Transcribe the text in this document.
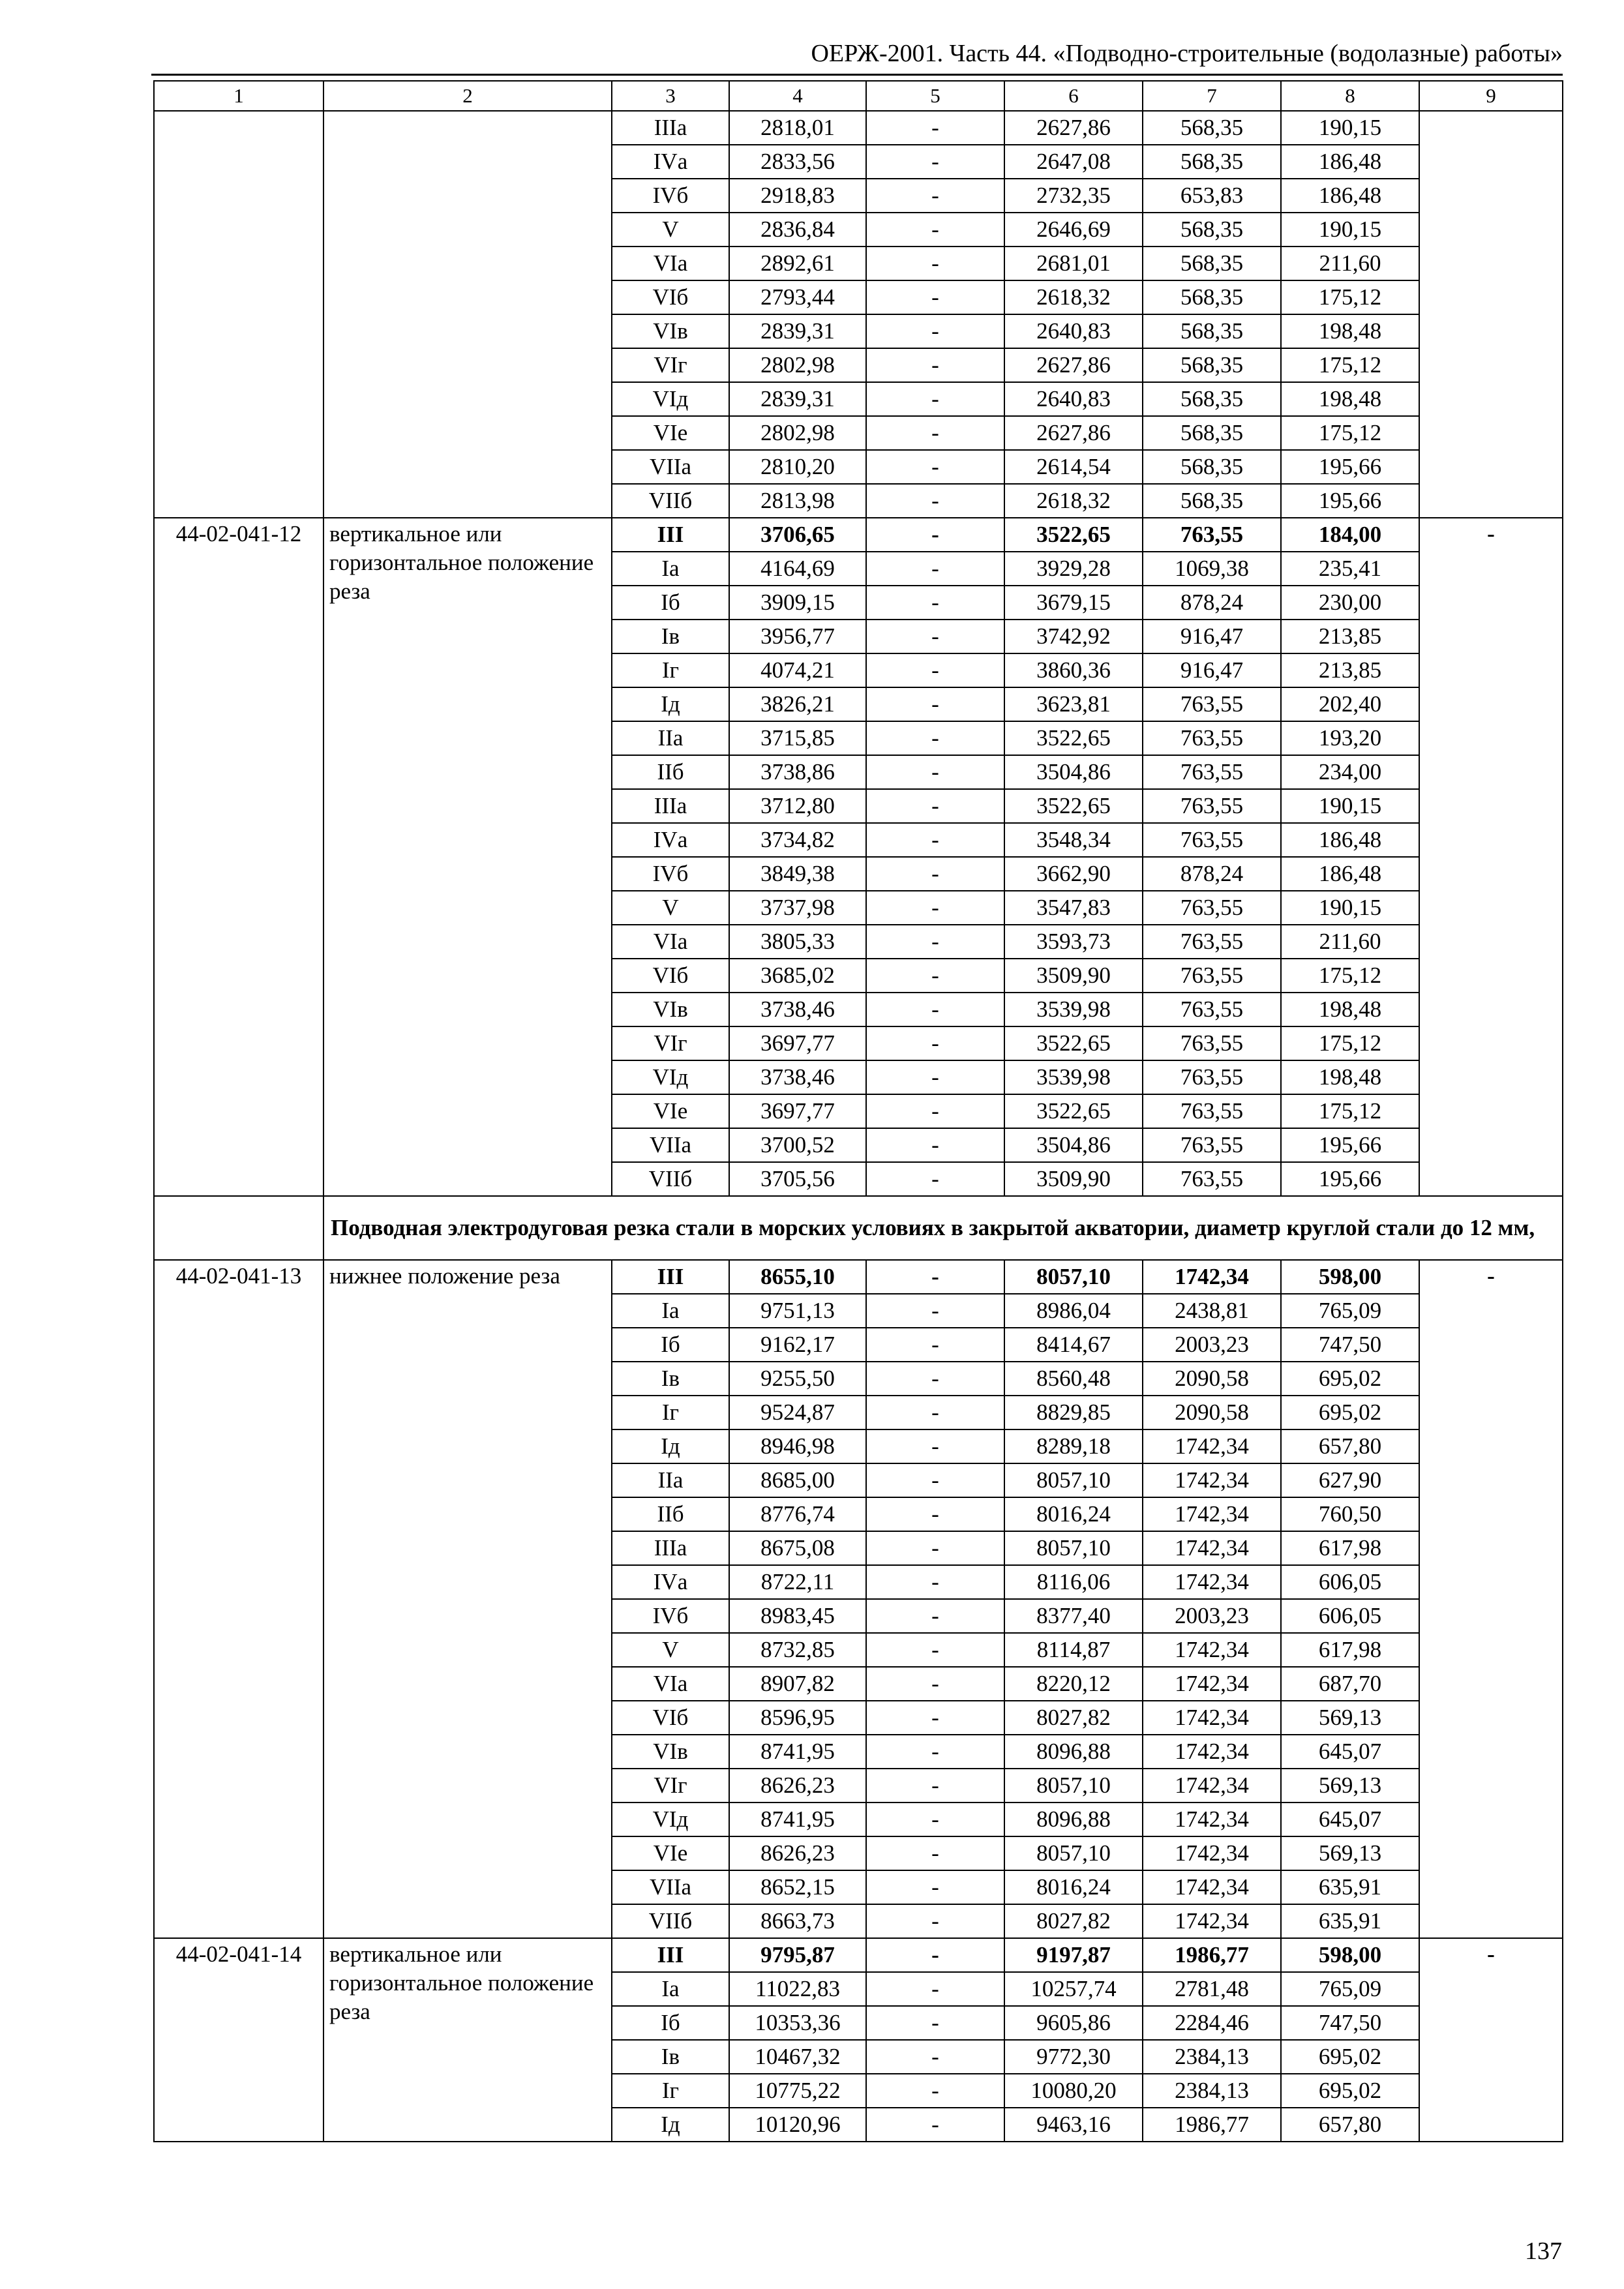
ОЕРЖ-2001. Часть 44. «Подводно-строительные (водолазные) работы»
1	2	3	4	5	6	7	8	9
		IIIа	2818,01	-	2627,86	568,35	190,15	
		IVа	2833,56	-	2647,08	568,35	186,48	
		IVб	2918,83	-	2732,35	653,83	186,48	
		V	2836,84	-	2646,69	568,35	190,15	
		VIа	2892,61	-	2681,01	568,35	211,60	
		VIб	2793,44	-	2618,32	568,35	175,12	
		VIв	2839,31	-	2640,83	568,35	198,48	
		VIг	2802,98	-	2627,86	568,35	175,12	
		VIд	2839,31	-	2640,83	568,35	198,48	
		VIе	2802,98	-	2627,86	568,35	175,12	
		VIIа	2810,20	-	2614,54	568,35	195,66	
		VIIб	2813,98	-	2618,32	568,35	195,66	
44-02-041-12	вертикальное или горизонтальное положение реза	III	3706,65	-	3522,65	763,55	184,00	-
		Iа	4164,69	-	3929,28	1069,38	235,41	
		Iб	3909,15	-	3679,15	878,24	230,00	
		Iв	3956,77	-	3742,92	916,47	213,85	
		Iг	4074,21	-	3860,36	916,47	213,85	
		Iд	3826,21	-	3623,81	763,55	202,40	
		IIа	3715,85	-	3522,65	763,55	193,20	
		IIб	3738,86	-	3504,86	763,55	234,00	
		IIIа	3712,80	-	3522,65	763,55	190,15	
		IVа	3734,82	-	3548,34	763,55	186,48	
		IVб	3849,38	-	3662,90	878,24	186,48	
		V	3737,98	-	3547,83	763,55	190,15	
		VIа	3805,33	-	3593,73	763,55	211,60	
		VIб	3685,02	-	3509,90	763,55	175,12	
		VIв	3738,46	-	3539,98	763,55	198,48	
		VIг	3697,77	-	3522,65	763,55	175,12	
		VIд	3738,46	-	3539,98	763,55	198,48	
		VIе	3697,77	-	3522,65	763,55	175,12	
		VIIа	3700,52	-	3504,86	763,55	195,66	
		VIIб	3705,56	-	3509,90	763,55	195,66	
	Подводная электродуговая резка стали в морских условиях в закрытой акватории, диаметр круглой стали до 12 мм,							
44-02-041-13	нижнее положение реза	III	8655,10	-	8057,10	1742,34	598,00	-
		Iа	9751,13	-	8986,04	2438,81	765,09	
		Iб	9162,17	-	8414,67	2003,23	747,50	
		Iв	9255,50	-	8560,48	2090,58	695,02	
		Iг	9524,87	-	8829,85	2090,58	695,02	
		Iд	8946,98	-	8289,18	1742,34	657,80	
		IIа	8685,00	-	8057,10	1742,34	627,90	
		IIб	8776,74	-	8016,24	1742,34	760,50	
		IIIа	8675,08	-	8057,10	1742,34	617,98	
		IVа	8722,11	-	8116,06	1742,34	606,05	
		IVб	8983,45	-	8377,40	2003,23	606,05	
		V	8732,85	-	8114,87	1742,34	617,98	
		VIа	8907,82	-	8220,12	1742,34	687,70	
		VIб	8596,95	-	8027,82	1742,34	569,13	
		VIв	8741,95	-	8096,88	1742,34	645,07	
		VIг	8626,23	-	8057,10	1742,34	569,13	
		VIд	8741,95	-	8096,88	1742,34	645,07	
		VIе	8626,23	-	8057,10	1742,34	569,13	
		VIIа	8652,15	-	8016,24	1742,34	635,91	
		VIIб	8663,73	-	8027,82	1742,34	635,91	
44-02-041-14	вертикальное или горизонтальное положение реза	III	9795,87	-	9197,87	1986,77	598,00	-
		Iа	11022,83	-	10257,74	2781,48	765,09	
		Iб	10353,36	-	9605,86	2284,46	747,50	
		Iв	10467,32	-	9772,30	2384,13	695,02	
		Iг	10775,22	-	10080,20	2384,13	695,02	
		Iд	10120,96	-	9463,16	1986,77	657,80	
137
